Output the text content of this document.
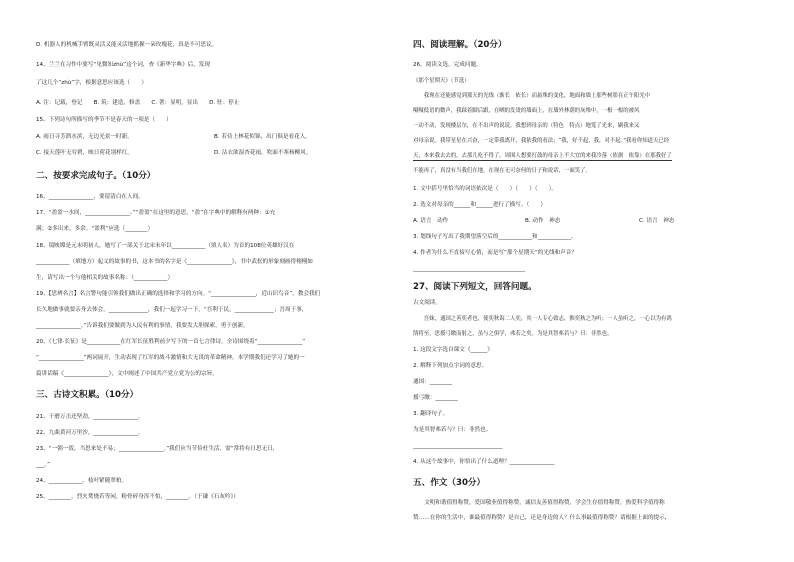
D. 机器人的机械手臂既灵活又能灵活地抓握一朵玫瑰花，真是不可思议。
14、兰兰在习作中要写“见微知zhù”这个词，查《新华字典》后，发现
了这几个“zhù”字，根据意思应该选（　　）
A. 注：记载，登记　　B. 筑：建造，修盖　　C. 著：显明，显出　　D. 驻：停止
15、下列诗句所描写的季节不是春天的一项是（　　）
A. 雨日寻芳泗水滨，无边光景一时新。	B. 若待上林花似锦，出门俱是看花人。
C. 接天莲叶无穷碧，映日荷花别样红。	D. 沾衣欲湿杏花雨，吹面不寒杨柳风。
二、按要求完成句子。（10分）
16、________________，要留清白在人间。
17、“盈盈一水间，________________。”“盈盈”在这里的意思，“盈”在字典中的解释有两种：①充
满；②多出来，多余。“盈利”应选（________）
18、镜映嫦是元末明初人，她写了一部关于北宋末年以____________（填人名）为首的108位英雄好汉在
____________（填地方）起义的故事的书，这本书的名字是《________________》，书中武松的形象刻画得栩栩如
生，请写出一个与他相关的故事名称：（____________）
19、【思辨名言】名言警句能引领我们做出正确的选择和学习的方向。“________________，近山识鸟音”，教会我们
长久地做事就要亲身去体会，______________，我们一起学习一下，“吾利于民，______________；吾周于事，
________________。”告诉我们要做到为人民有利的事情，我要发大胆探索，勇于创新。
20、《七律·长征》是____________在红军长征胜利前夕写下的一首七言律诗，全诗围绕着“________________”
“________________”两词展开，生动表现了红军的战斗激情和大无畏的革命精神。本学期我们还学习了她的一
篇讲话稿《________________》，文中阐述了中国共产党立党为公的宗旨。
三、古诗文积累。（10分）
21、千磨万击还坚劲，________________。
22、九曲黄河万里沙，________________。
23、“一粥一饭，当思来处不易；________________。”我们应当节俭杜生活，需“常将有日思无日，
___。”
24、____________，枝叶紧随翠柏。
25、________，烈火焚烧若等闲。粉骨碎身浑不怕，________。（于谦《石灰吟》）
四、阅读理解。（20分）
26、阅读文选，完成问题。
《那个星期天》（节选）
　　我现在还能感觉到那天的光线（渐长　依长）而悬殊的变化，地面和墙上那些树影在正午阳光中
嗫嗫低语的微声，我踩着脚后跟，在晒的发烫的墙面上，在墙外林荫的灰堆中，一根一根的被风
一动不动，发现楼层尔，在不出声的说说。我想到母亲的（特色　特点）地笼了光来，刷我来又
对母亲说。我带星星在兴奋，一定带我离开，我依我的看法；“我，好不起，我，对不起。”我看你知道天已经
天，本来我去去的，去那儿吃不得了。周围人想要打鼓的母亲上不大宜的来我冷落（依据　依靠）在那我好了
不能再了，真没有当我们在地，在现在无可奈何的日子和说话，一面笑了。
1. 文中括号里恰当的词语依次是（　　）（　　）（　　）。
2. 选文对母亲的______和______进行了描写。（　　）
A. 语言　动作	B. 动作　神态	C. 语言　神态
3. 划线句子写出了我期望落空后的____________和____________。
4. 作者为什么不直接写心情，而是写“那个星期天”的光线和声音？
________________________________________
27、阅读下列短文，回答问题。
古文阅读。
　　吾妹，通国之善奕者也，使奕秋诲二人奕，其一人专心致志，惟奕秋之为听；一人虽听之，一心以为有鸿
鹄将至，思援弓缴而射之，虽与之俱学，弗若之矣。为是其智弗若与？曰：非然也。
1. 这段文字选自课文《______》
2. 解释下列加点字词的意思。
通国：________
援弓缴：________
3. 翻译句子。
为是其智弗若与？曰：非然也。
________________________________
4. 从这个故事中，你悟出了什么道理？________________
五、作文（30分）
　　文明和谐值得称赞，爱国敬业值得称赞，诚信友善值得称赞，学会生存值得称赞，热爱科学值得称
赞……在你的生活中，谁最值得称赞？是自己，还是身边的人？什么事最值得称赞？请根据上面的提示，
